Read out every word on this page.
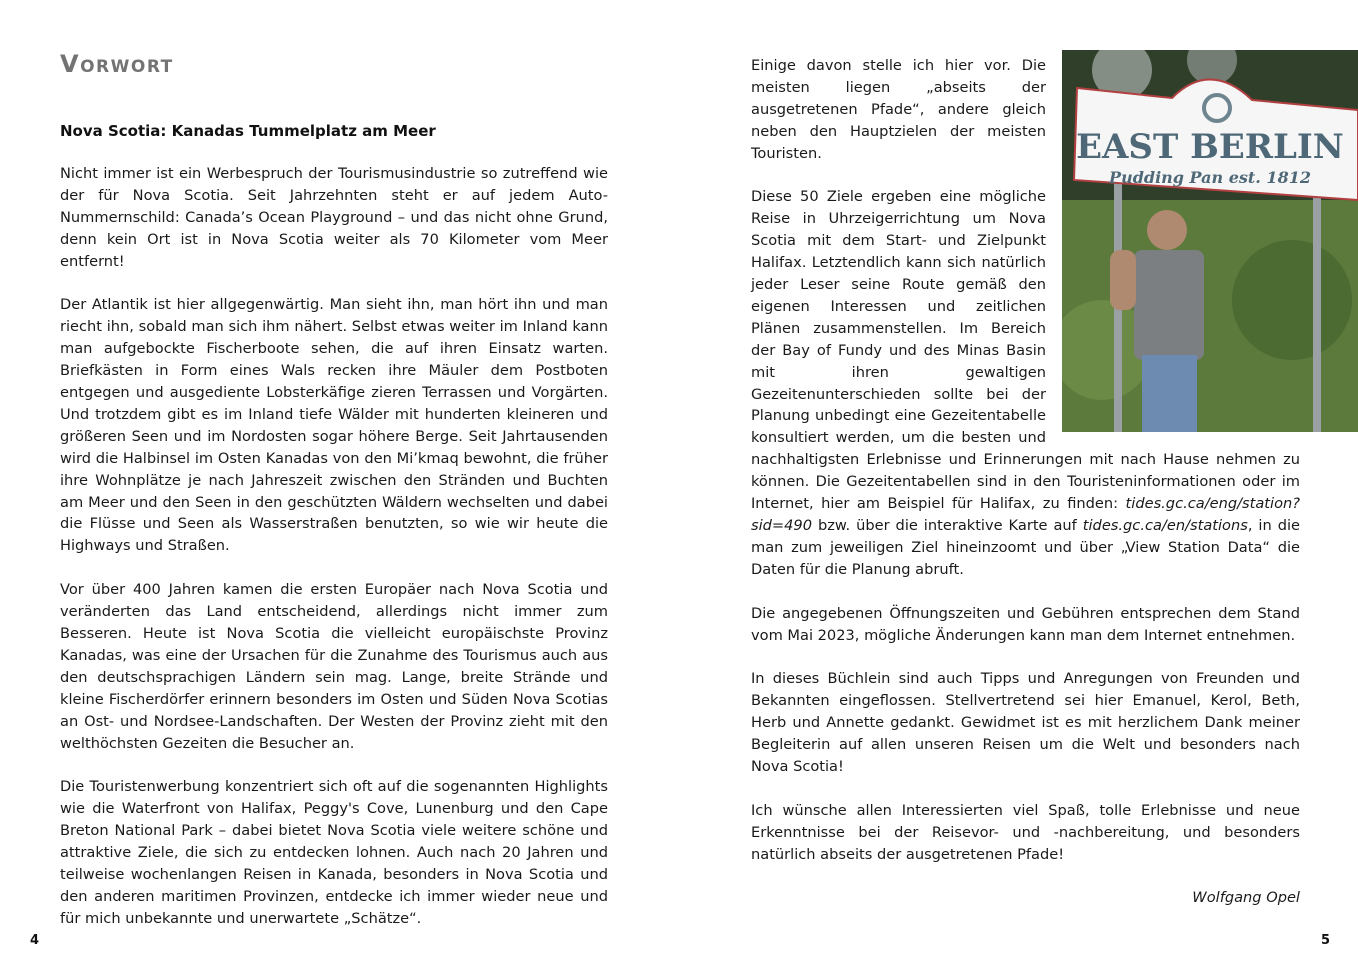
Vorwort
Nova Scotia: Kanadas Tummelplatz am Meer

Nicht immer ist ein Werbespruch der Tourismusindustrie so zutreffend wie der für Nova Scotia. Seit Jahrzehnten steht er auf jedem Auto-Nummernschild: Canada’s Ocean Playground – und das nicht ohne Grund, denn kein Ort ist in Nova Scotia weiter als 70 Kilometer vom Meer entfernt!

Der Atlantik ist hier allgegenwärtig. Man sieht ihn, man hört ihn und man riecht ihn, sobald man sich ihm nähert. Selbst etwas weiter im Inland kann man aufgebockte Fischerboote sehen, die auf ihren Einsatz warten. Briefkästen in Form eines Wals recken ihre Mäuler dem Postboten entgegen und ausgediente Lobsterkäfige zieren Terrassen und Vorgärten. Und trotzdem gibt es im Inland tiefe Wälder mit hunderten kleineren und größeren Seen und im Nordosten sogar höhere Berge. Seit Jahrtausenden wird die Halbinsel im Osten Kanadas von den Mi’kmaq bewohnt, die früher ihre Wohnplätze je nach Jahreszeit zwischen den Stränden und Buchten am Meer und den Seen in den geschützten Wäldern wechselten und dabei die Flüsse und Seen als Wasserstraßen benutzten, so wie wir heute die Highways und Straßen.

Vor über 400 Jahren kamen die ersten Europäer nach Nova Scotia und veränderten das Land entscheidend, allerdings nicht immer zum Besseren. Heute ist Nova Scotia die vielleicht europäischste Provinz Kanadas, was eine der Ursachen für die Zunahme des Tourismus auch aus den deutschsprachigen Ländern sein mag. Lange, breite Strände und kleine Fischerdörfer erinnern besonders im Osten und Süden Nova Scotias an Ost- und Nordsee-Landschaften. Der Westen der Provinz zieht mit den welthöchsten Gezeiten die Besucher an.

Die Touristenwerbung konzentriert sich oft auf die sogenannten Highlights wie die Waterfront von Halifax, Peggy's Cove, Lunenburg und den Cape Breton National Park – dabei bietet Nova Scotia viele weitere schöne und attraktive Ziele, die sich zu entdecken lohnen. Auch nach 20 Jahren und teilweise wochenlangen Reisen in Kanada, besonders in Nova Scotia und den anderen maritimen Provinzen, entdecke ich immer wieder neue und für mich unbekannte und unerwartete „Schätze“.

4
EAST BERLIN
Pudding Pan est. 1812

Einige davon stelle ich hier vor. Die meisten liegen „abseits der ausgetretenen Pfade“, andere gleich neben den Hauptzielen der meisten Touristen.

Diese 50 Ziele ergeben eine mögliche Reise in Uhrzeigerrichtung um Nova Scotia mit dem Start- und Zielpunkt Halifax. Letztendlich kann sich natürlich jeder Leser seine Route gemäß den eigenen Interessen und zeitlichen Plänen zusammenstellen. Im Bereich der Bay of Fundy und des Minas Basin mit ihren gewaltigen Gezeitenunterschieden sollte bei der Planung unbedingt eine Gezeitentabelle konsultiert werden, um die besten und nachhaltigsten Erlebnisse und Erinnerungen mit nach Hause nehmen zu können. Die Gezeitentabellen sind in den Touristeninformationen oder im Internet, hier am Beispiel für Halifax, zu finden: tides.gc.ca/eng/station?sid=490 bzw. über die interaktive Karte auf tides.gc.ca/en/stations, in die man zum jeweiligen Ziel hineinzoomt und über „View Station Data“ die Daten für die Planung abruft.

Die angegebenen Öffnungszeiten und Gebühren entsprechen dem Stand vom Mai 2023, mögliche Änderungen kann man dem Internet entnehmen.

In dieses Büchlein sind auch Tipps und Anregungen von Freunden und Bekannten eingeflossen. Stellvertretend sei hier Emanuel, Kerol, Beth, Herb und Annette gedankt. Gewidmet ist es mit herzlichem Dank meiner Begleiterin auf allen unseren Reisen um die Welt und besonders nach Nova Scotia!

Ich wünsche allen Interessierten viel Spaß, tolle Erlebnisse und neue Erkenntnisse bei der Reisevor- und -nachbereitung, und besonders natürlich abseits der ausgetretenen Pfade!

Wolfgang Opel

5
